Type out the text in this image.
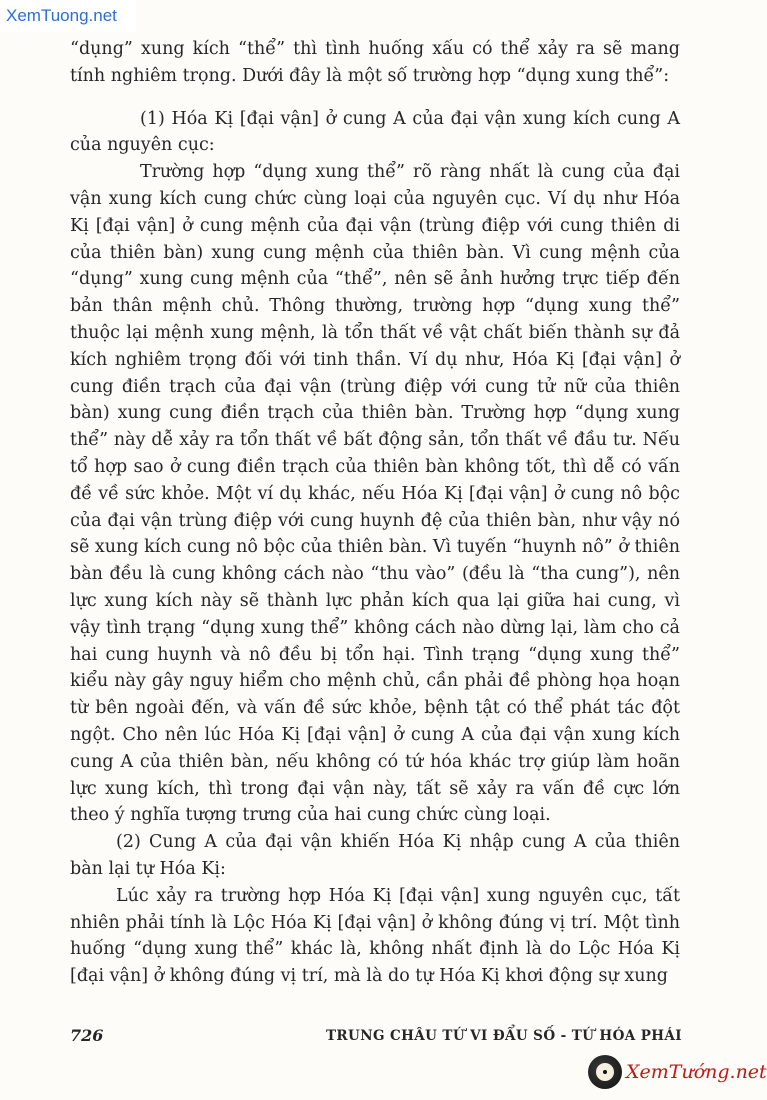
XemTuong.net

“dụng” xung kích “thể” thì tình huống xấu có thể xảy ra sẽ mang tính nghiêm trọng. Dưới đây là một số trường hợp “dụng xung thể”:

(1) Hóa Kị [đại vận] ở cung A của đại vận xung kích cung A của nguyên cục:

Trường hợp “dụng xung thể” rõ ràng nhất là cung của đại vận xung kích cung chức cùng loại của nguyên cục. Ví dụ như Hóa Kị [đại vận] ở cung mệnh của đại vận (trùng điệp với cung thiên di của thiên bàn) xung cung mệnh của thiên bàn. Vì cung mệnh của “dụng” xung cung mệnh của “thể”, nên sẽ ảnh hưởng trực tiếp đến bản thân mệnh chủ. Thông thường, trường hợp “dụng xung thể” thuộc lại mệnh xung mệnh, là tổn thất về vật chất biến thành sự đả kích nghiêm trọng đối với tinh thần. Ví dụ như, Hóa Kị [đại vận] ở cung điền trạch của đại vận (trùng điệp với cung tử nữ của thiên bàn) xung cung điền trạch của thiên bàn. Trường hợp “dụng xung thể” này dễ xảy ra tổn thất về bất động sản, tổn thất về đầu tư. Nếu tổ hợp sao ở cung điền trạch của thiên bàn không tốt, thì dễ có vấn đề về sức khỏe. Một ví dụ khác, nếu Hóa Kị [đại vận] ở cung nô bộc của đại vận trùng điệp với cung huynh đệ của thiên bàn, như vậy nó sẽ xung kích cung nô bộc của thiên bàn. Vì tuyến “huynh nô” ở thiên bàn đều là cung không cách nào “thu vào” (đều là “tha cung”), nên lực xung kích này sẽ thành lực phản kích qua lại giữa hai cung, vì vậy tình trạng “dụng xung thể” không cách nào dừng lại, làm cho cả hai cung huynh và nô đều bị tổn hại. Tình trạng “dụng xung thể” kiểu này gây nguy hiểm cho mệnh chủ, cần phải đề phòng họa hoạn từ bên ngoài đến, và vấn đề sức khỏe, bệnh tật có thể phát tác đột ngột. Cho nên lúc Hóa Kị [đại vận] ở cung A của đại vận xung kích cung A của thiên bàn, nếu không có tứ hóa khác trợ giúp làm hoãn lực xung kích, thì trong đại vận này, tất sẽ xảy ra vấn đề cực lớn theo ý nghĩa tượng trưng của hai cung chức cùng loại.

(2) Cung A của đại vận khiến Hóa Kị nhập cung A của thiên bàn lại tự Hóa Kị:

Lúc xảy ra trường hợp Hóa Kị [đại vận] xung nguyên cục, tất nhiên phải tính là Lộc Hóa Kị [đại vận] ở không đúng vị trí. Một tình huống “dụng xung thể” khác là, không nhất định là do Lộc Hóa Kị [đại vận] ở không đúng vị trí, mà là do tự Hóa Kị khơi động sự xung

726	TRUNG CHÂU TỨ VI ĐẨU SỐ - TỨ HÓA PHÁI
XemTướng.net
